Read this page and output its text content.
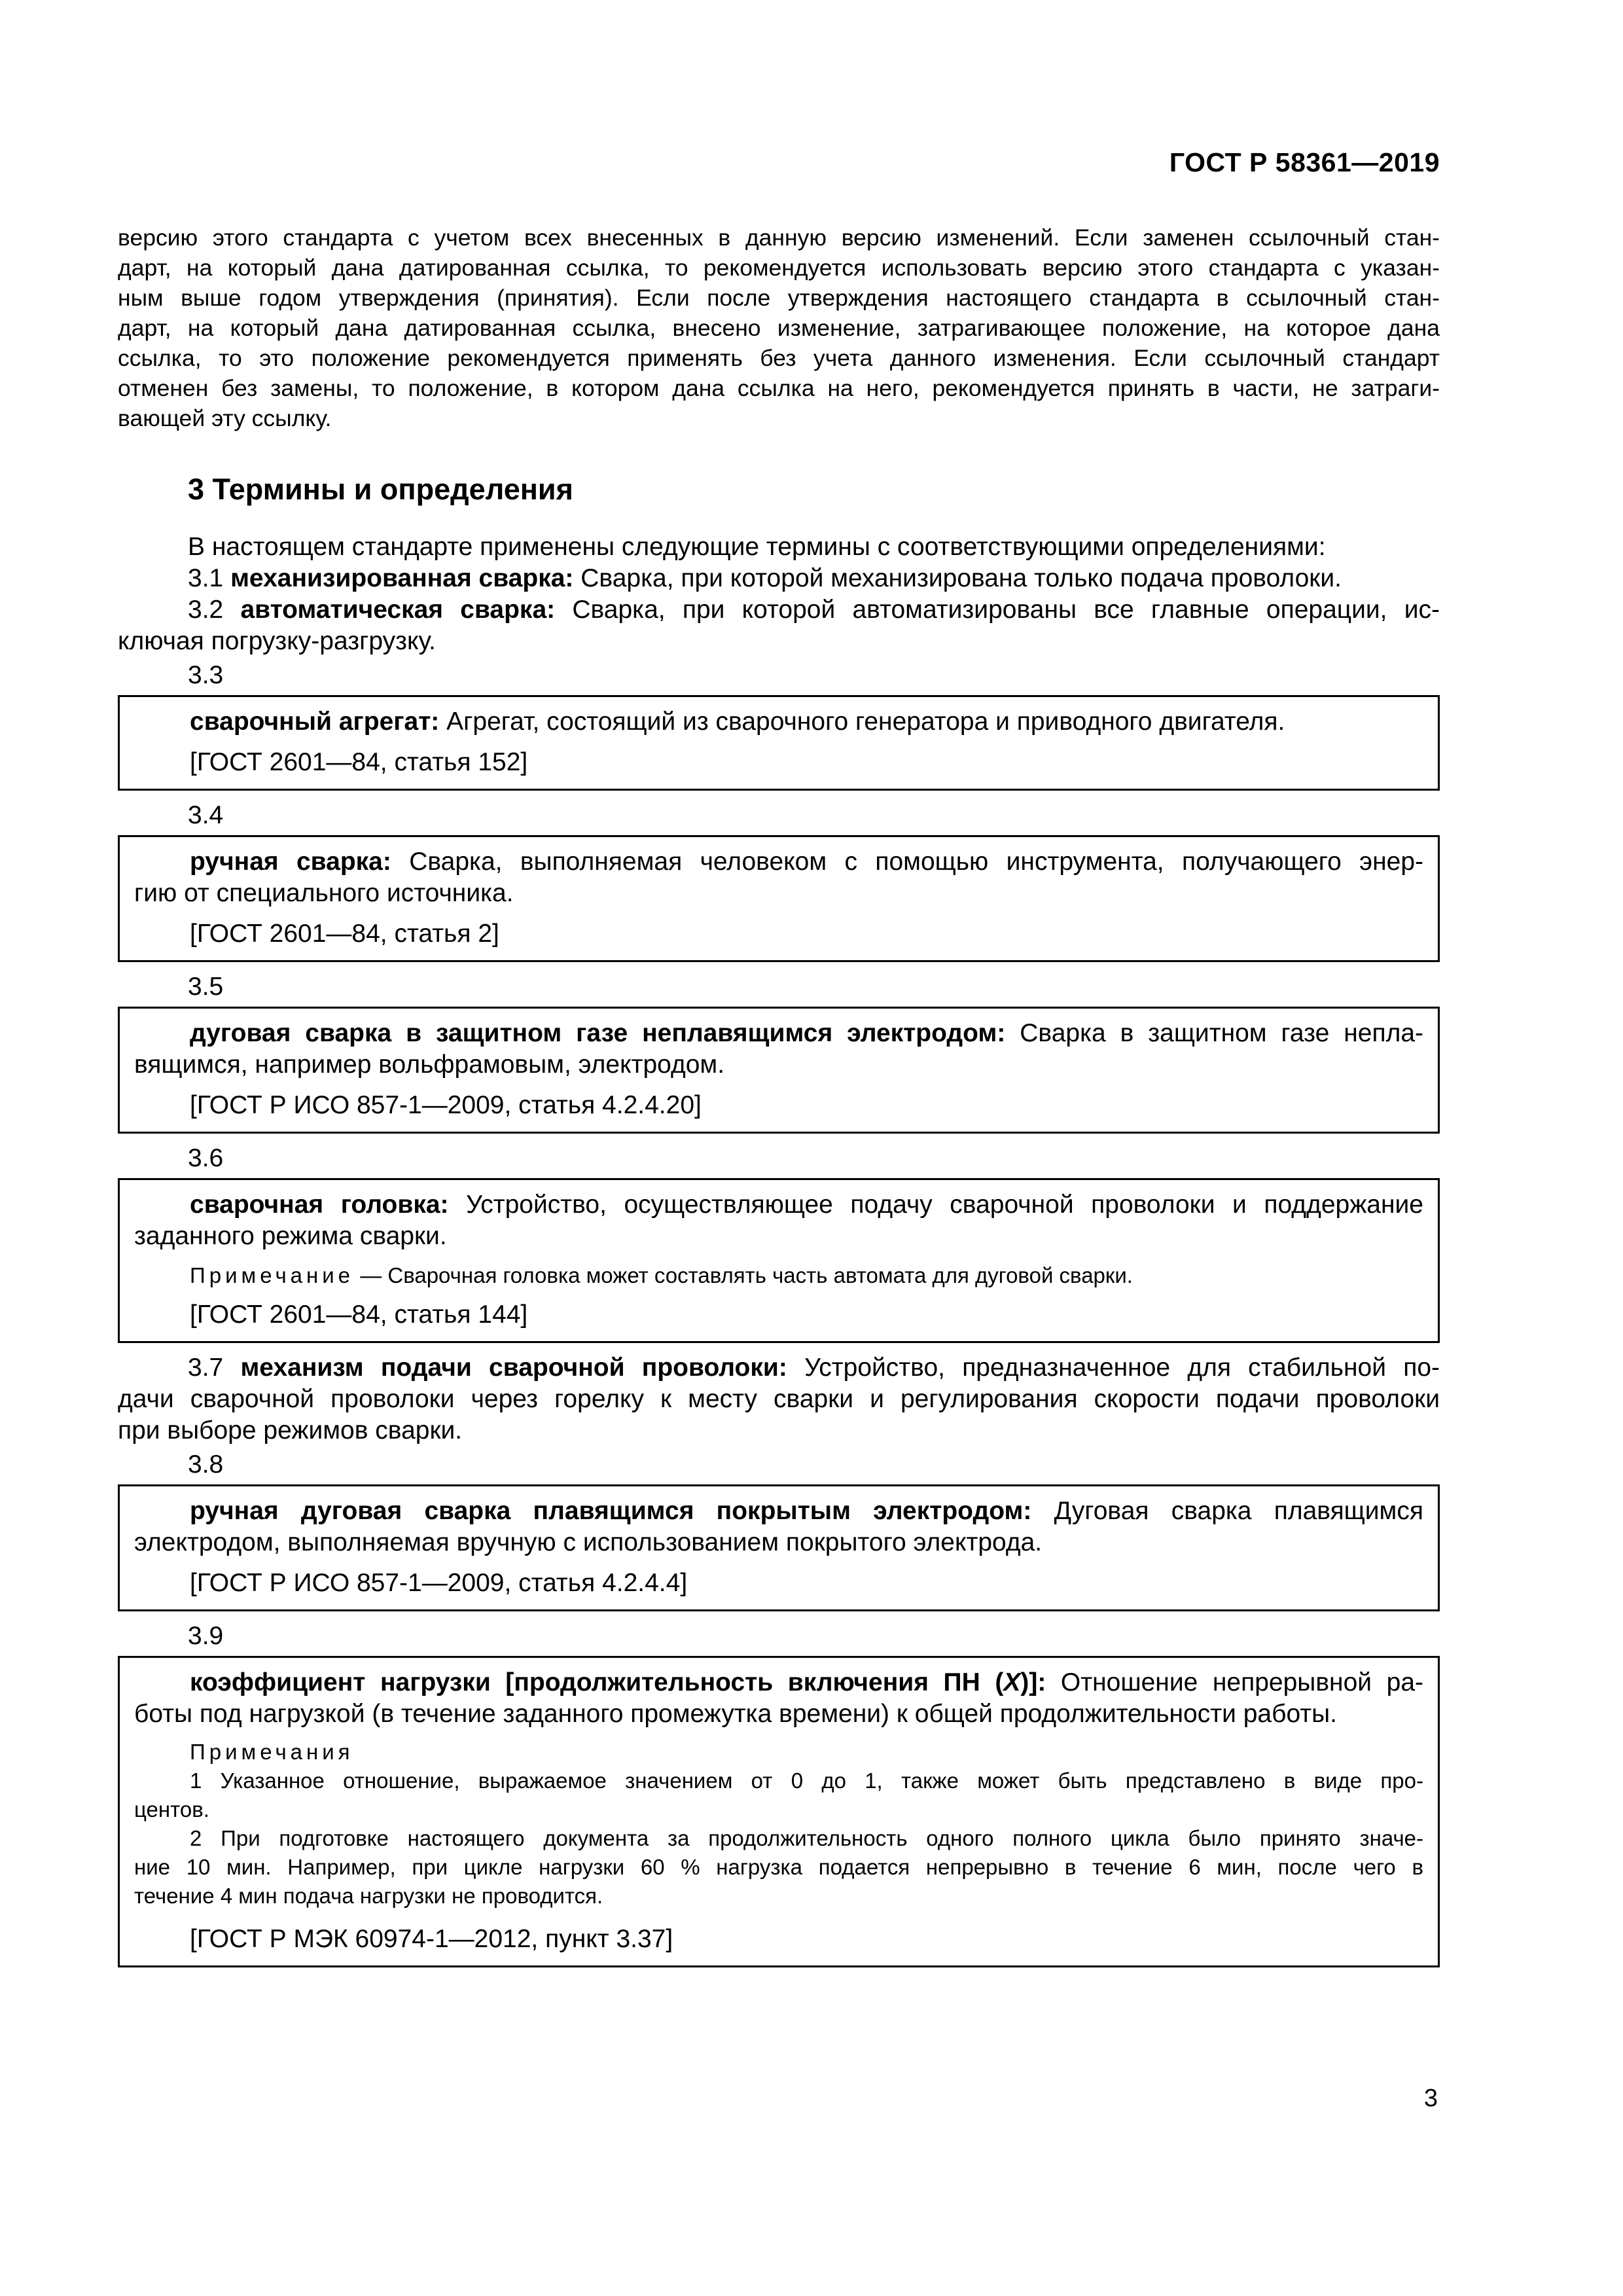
ГОСТ Р 58361—2019
версию этого стандарта с учетом всех внесенных в данную версию изменений. Если заменен ссылочный стан-
дарт, на который дана датированная ссылка, то рекомендуется использовать версию этого стандарта с указан-
ным выше годом утверждения (принятия). Если после утверждения настоящего стандарта в ссылочный стан-
дарт, на который дана датированная ссылка, внесено изменение, затрагивающее положение, на которое дана
ссылка, то это положение рекомендуется применять без учета данного изменения. Если ссылочный стандарт
отменен без замены, то положение, в котором дана ссылка на него, рекомендуется принять в части, не затраги-
вающей эту ссылку.
3 Термины и определения

В настоящем стандарте применены следующие термины с соответствующими определениями:

3.1 механизированная сварка: Сварка, при которой механизирована только подача проволоки.

3.2 автоматическая сварка: Сварка, при которой автоматизированы все главные операции, ис-
ключая погрузку-разгрузку.
3.3

сварочный агрегат: Агрегат, состоящий из сварочного генератора и приводного двигателя.

[ГОСТ 2601—84, статья 152]
3.4
ручная сварка: Сварка, выполняемая человеком с помощью инструмента, получающего энер-
гию от специального источника.
[ГОСТ 2601—84, статья 2]
3.5
дуговая сварка в защитном газе неплавящимся электродом: Сварка в защитном газе непла-
вящимся, например вольфрамовым, электродом.
[ГОСТ Р ИСО 857-1—2009, статья 4.2.4.20]
3.6
сварочная головка: Устройство, осуществляющее подачу сварочной проволоки и поддержание
заданного режима сварки.

Примечание — Сварочная головка может составлять часть автомата для дуговой сварки.

[ГОСТ 2601—84, статья 144]
3.7 механизм подачи сварочной проволоки: Устройство, предназначенное для стабильной по-
дачи сварочной проволоки через горелку к месту сварки и регулирования скорости подачи проволоки
при выборе режимов сварки.
3.8
ручная дуговая сварка плавящимся покрытым электродом: Дуговая сварка плавящимся
электродом, выполняемая вручную с использованием покрытого электрода.
[ГОСТ Р ИСО 857-1—2009, статья 4.2.4.4]
3.9
коэффициент нагрузки [продолжительность включения ПН (X)]: Отношение непрерывной ра-
боты под нагрузкой (в течение заданного промежутка времени) к общей продолжительности работы.
Примечания
1 Указанное отношение, выражаемое значением от 0 до 1, также может быть представлено в виде про-
центов.
2 При подготовке настоящего документа за продолжительность одного полного цикла было принято значе-
ние 10 мин. Например, при цикле нагрузки 60 % нагрузка подается непрерывно в течение 6 мин, после чего в
течение 4 мин подача нагрузки не проводится.
[ГОСТ Р МЭК 60974-1—2012, пункт 3.37]
3
